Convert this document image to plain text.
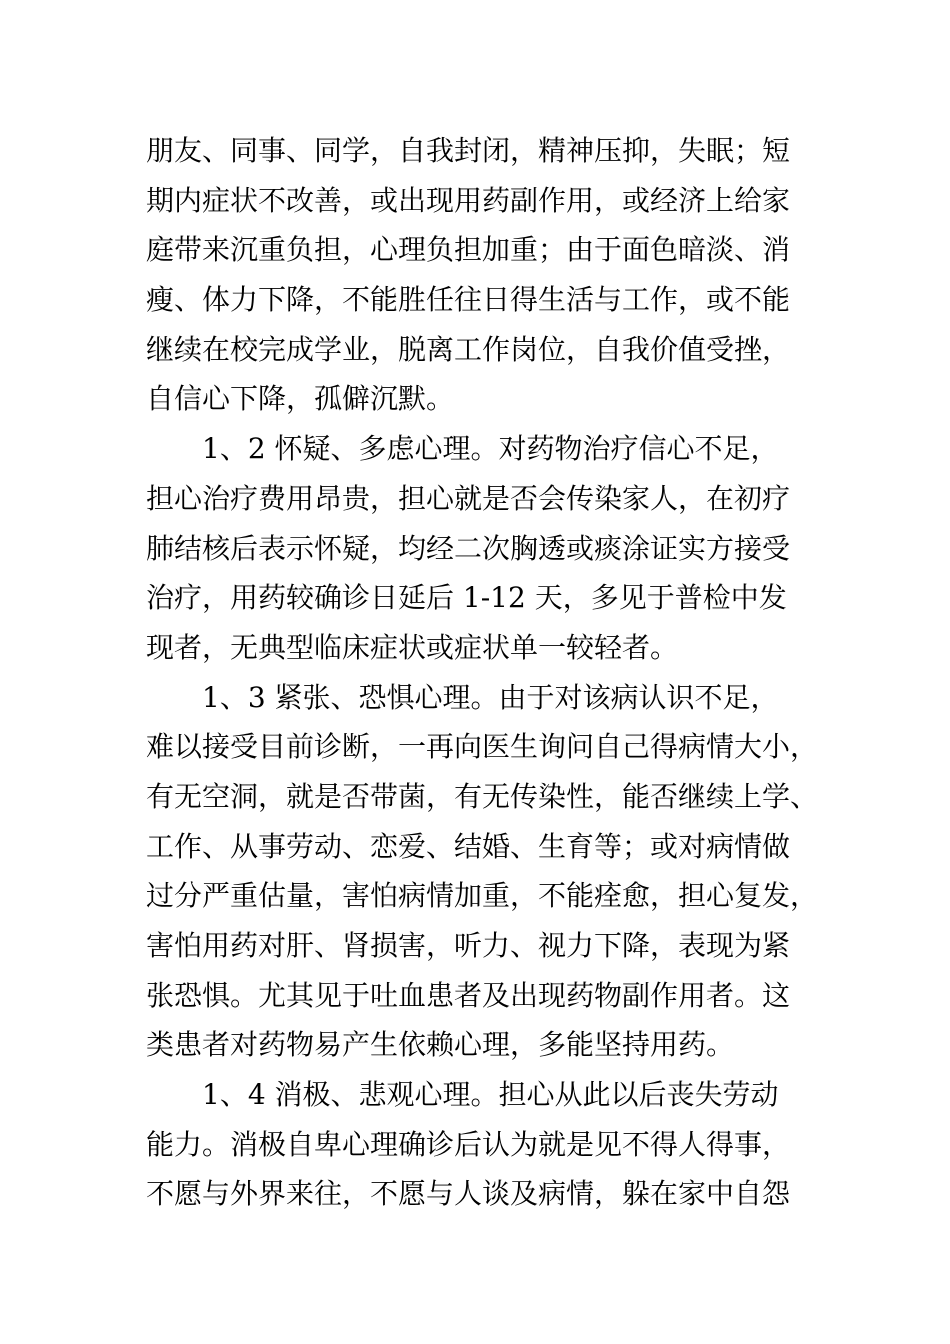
朋友、同事、同学，自我封闭，精神压抑，失眠；短
期内症状不改善，或出现用药副作用，或经济上给家
庭带来沉重负担，心理负担加重；由于面色暗淡、消
瘦、体力下降，不能胜任往日得生活与工作，或不能
继续在校完成学业，脱离工作岗位，自我价值受挫，
自信心下降，孤僻沉默。
1、2 怀疑、多虑心理。对药物治疗信心不足，
担心治疗费用昂贵，担心就是否会传染家人，在初疗
肺结核后表示怀疑，均经二次胸透或痰涂证实方接受
治疗，用药较确诊日延后 1-12 天，多见于普检中发
现者，无典型临床症状或症状单一较轻者。
1、3 紧张、恐惧心理。由于对该病认识不足，
难以接受目前诊断，一再向医生询问自己得病情大小，
有无空洞，就是否带菌，有无传染性，能否继续上学、
工作、从事劳动、恋爱、结婚、生育等；或对病情做
过分严重估量，害怕病情加重，不能痊愈，担心复发，
害怕用药对肝、肾损害，听力、视力下降，表现为紧
张恐惧。尤其见于吐血患者及出现药物副作用者。这
类患者对药物易产生依赖心理，多能坚持用药。
1、4 消极、悲观心理。担心从此以后丧失劳动
能力。消极自卑心理确诊后认为就是见不得人得事，
不愿与外界来往，不愿与人谈及病情，躲在家中自怨
